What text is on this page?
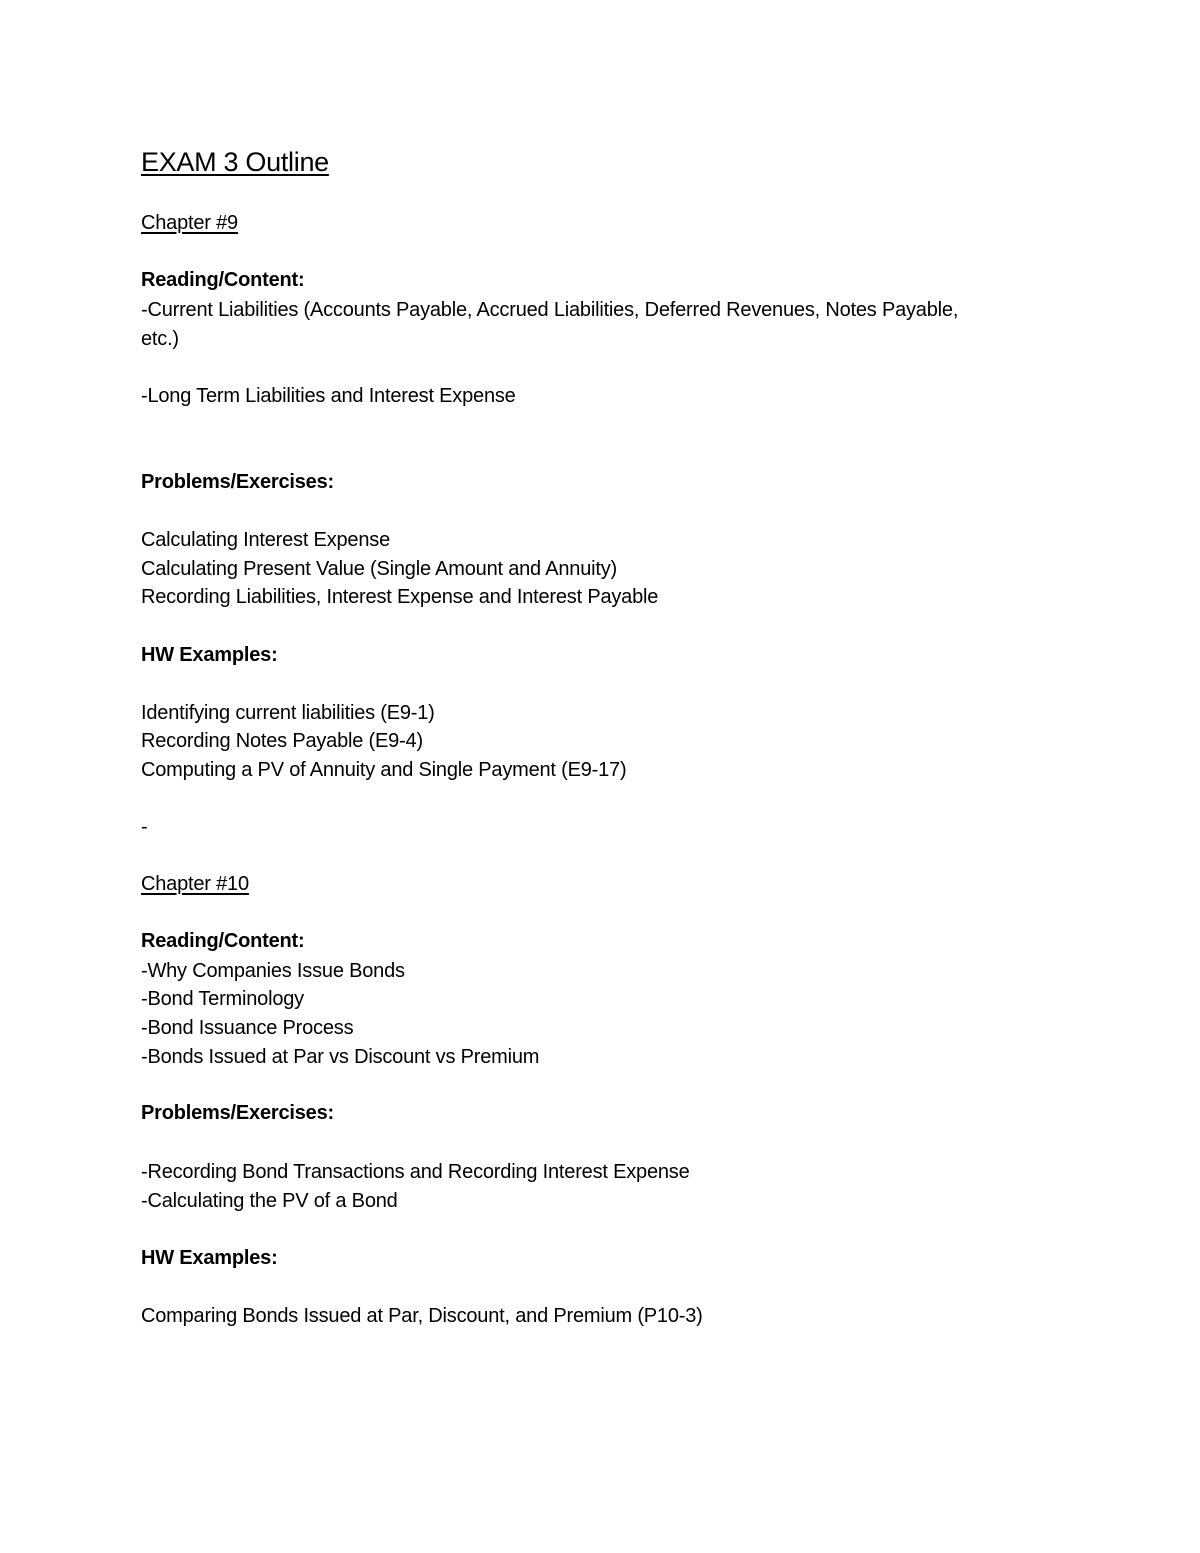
EXAM 3 Outline
Chapter #9
Reading/Content:
-Current Liabilities (Accounts Payable, Accrued Liabilities, Deferred Revenues, Notes Payable,
etc.)
-Long Term Liabilities and Interest Expense
Problems/Exercises:
Calculating Interest Expense
Calculating Present Value (Single Amount and Annuity)
Recording Liabilities, Interest Expense and Interest Payable
HW Examples:
Identifying current liabilities (E9-1)
Recording Notes Payable (E9-4)
Computing a PV of Annuity and Single Payment (E9-17)
-
Chapter #10
Reading/Content:
-Why Companies Issue Bonds
-Bond Terminology
-Bond Issuance Process
-Bonds Issued at Par vs Discount vs Premium
Problems/Exercises:
-Recording Bond Transactions and Recording Interest Expense
-Calculating the PV of a Bond
HW Examples:
Comparing Bonds Issued at Par, Discount, and Premium (P10-3)
